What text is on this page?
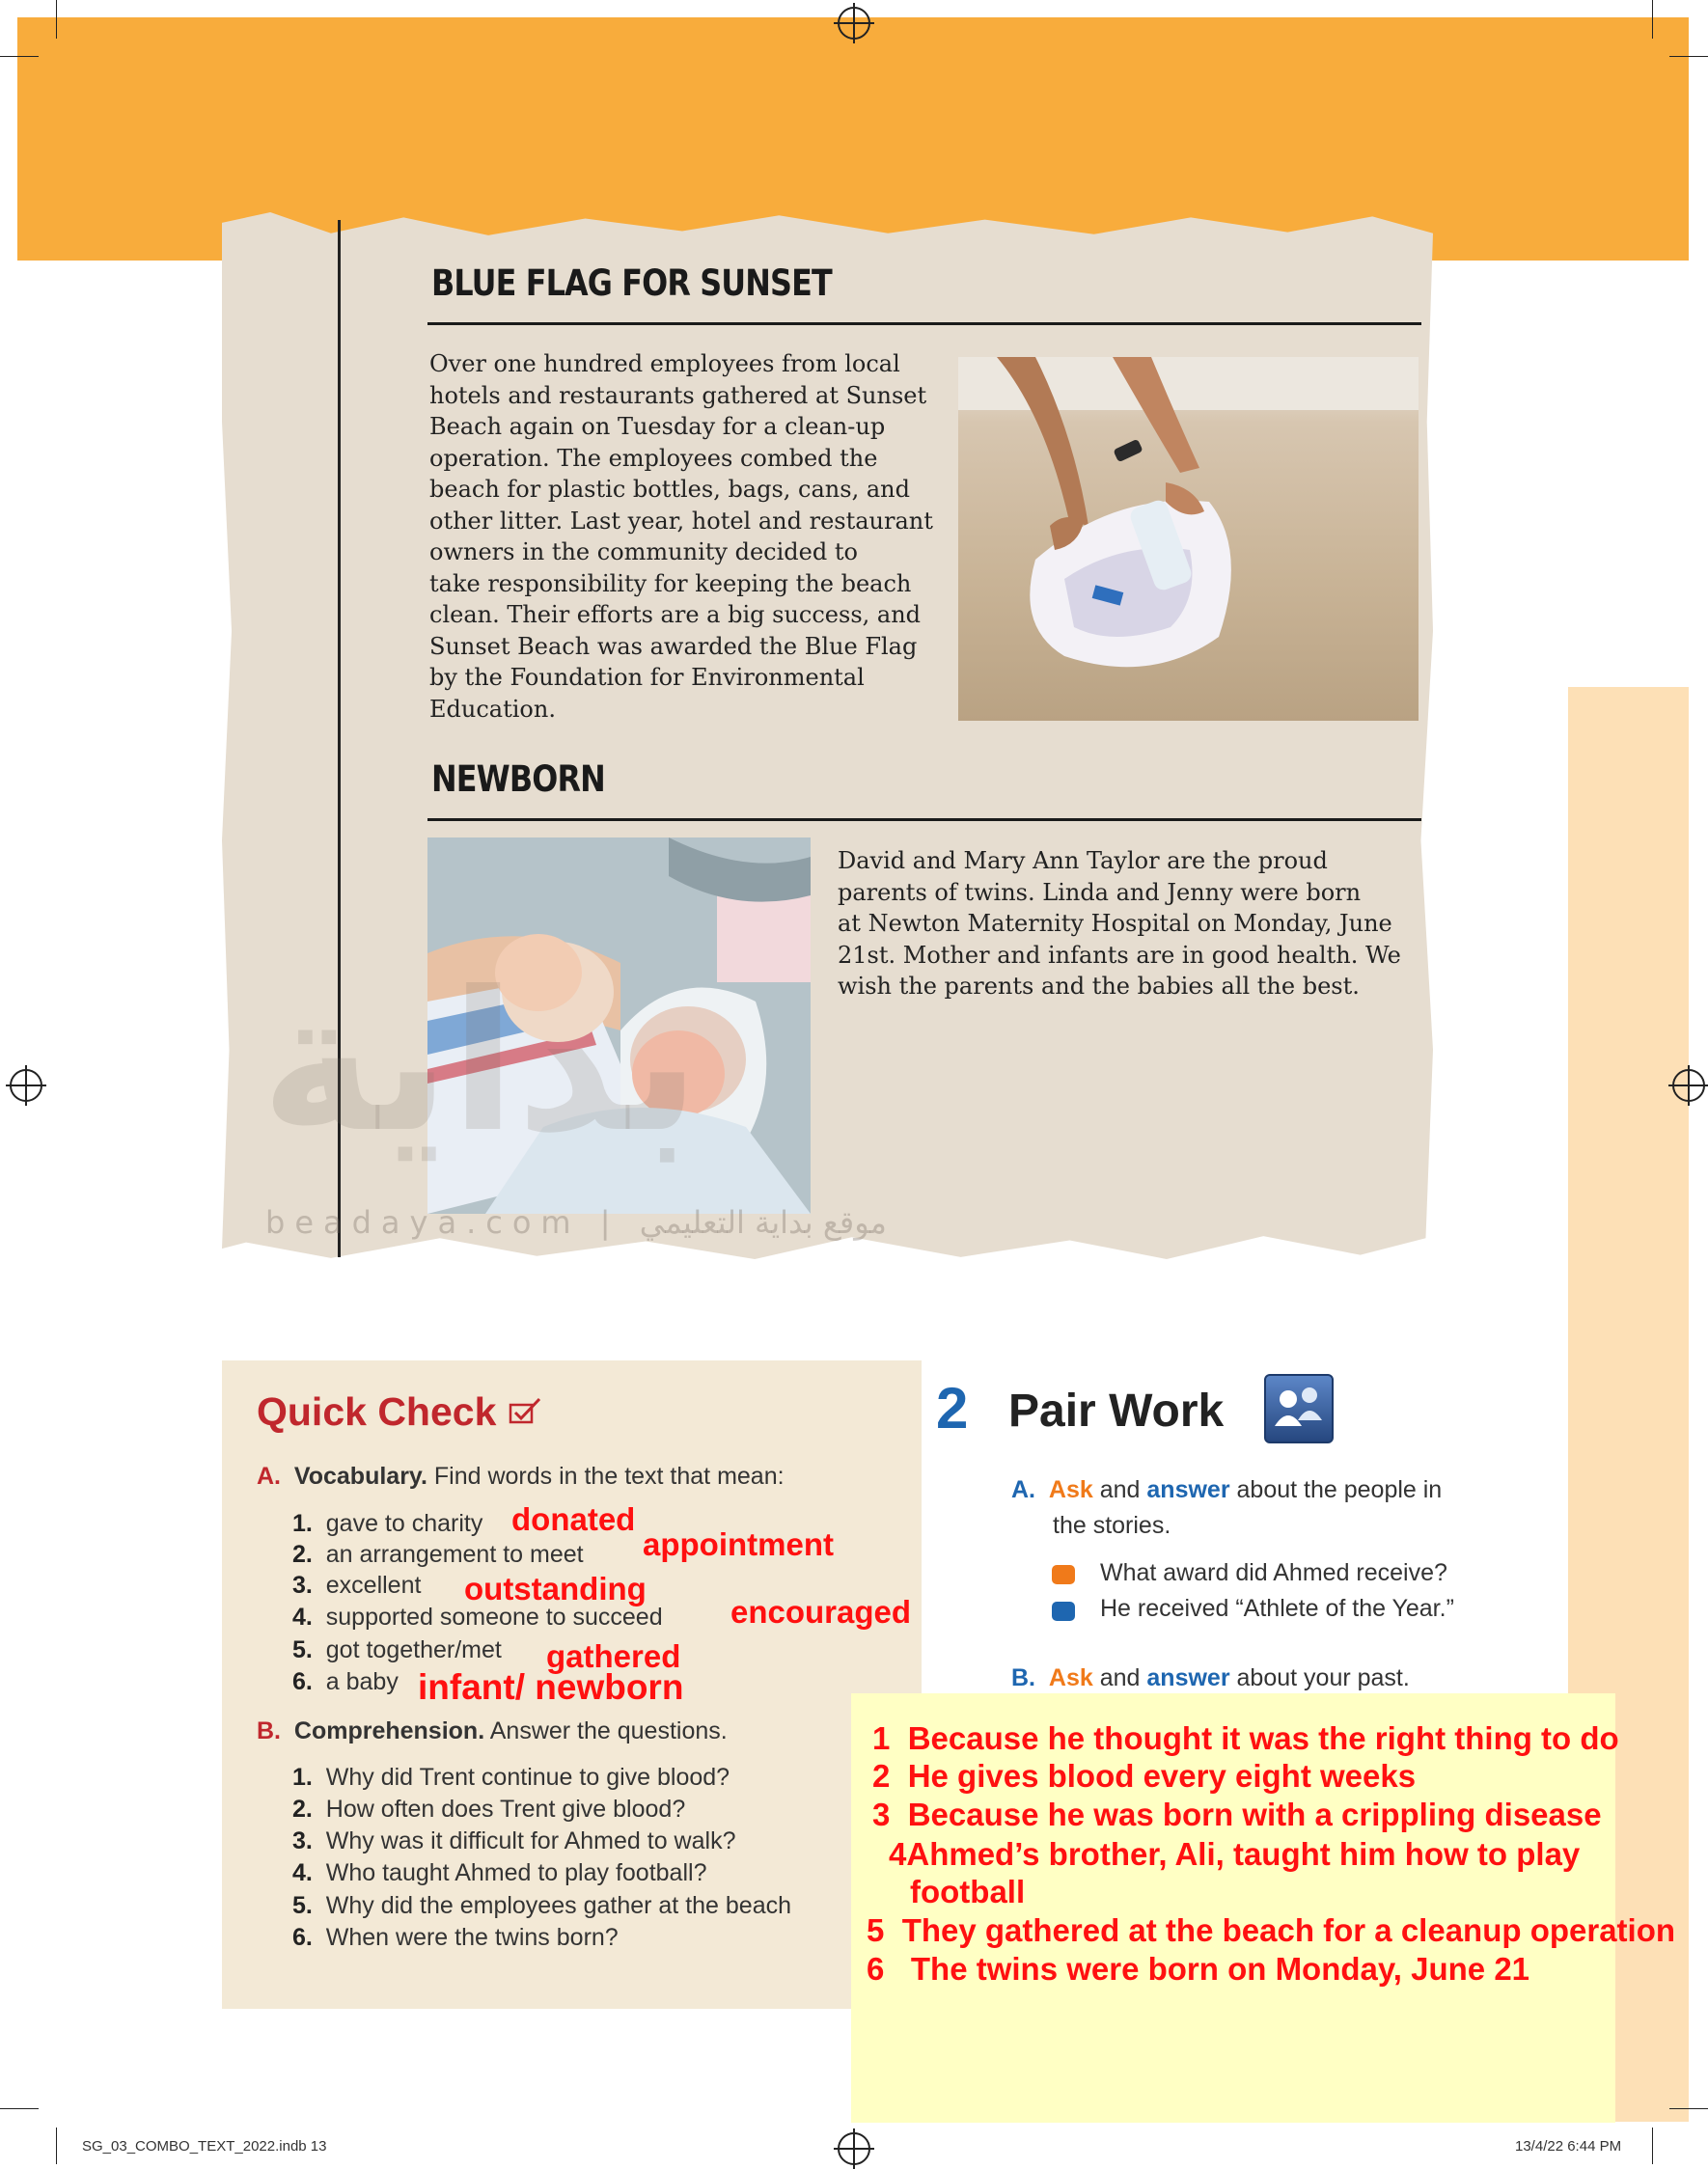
BLUE FLAG FOR SUNSET
Over one hundred employees from local
hotels and restaurants gathered at Sunset
Beach again on Tuesday for a clean-up
operation. The employees combed the
beach for plastic bottles, bags, cans, and
other litter. Last year, hotel and restaurant
owners in the community decided to
take responsibility for keeping the beach
clean. Their efforts are a big success, and
Sunset Beach was awarded the Blue Flag
by the Foundation for Environmental
Education.
NEWBORN
David and Mary Ann Taylor are the proud
parents of twins. Linda and Jenny were born
at Newton Maternity Hospital on Monday, June
21st. Mother and infants are in good health. We
wish the parents and the babies all the best.
بداية
beadaya.com | موقع بداية التعليمي
Quick Check
A. Vocabulary. Find words in the text that mean:
1. gave to charity
2. an arrangement to meet
3. excellent
4. supported someone to succeed
5. got together/met
6. a baby
donated
appointment
outstanding
encouraged
gathered
infant/ newborn
B. Comprehension. Answer the questions.
1. Why did Trent continue to give blood?
2. How often does Trent give blood?
3. Why was it difficult for Ahmed to walk?
4. Who taught Ahmed to play football?
5. Why did the employees gather at the beach
6. When were the twins born?
2 Pair Work
A. Ask and answer about the people in
the stories.
What award did Ahmed receive?
He received “Athlete of the Year.”
B. Ask and answer about your past.
1 Because he thought it was the right thing to do
2 He gives blood every eight weeks
3 Because he was born with a crippling disease
4Ahmed’s brother, Ali, taught him how to play
football
5 They gathered at the beach for a cleanup operation
6 The twins were born on Monday, June 21
SG_03_COMBO_TEXT_2022.indb 13	13/4/22 6:44 PM
